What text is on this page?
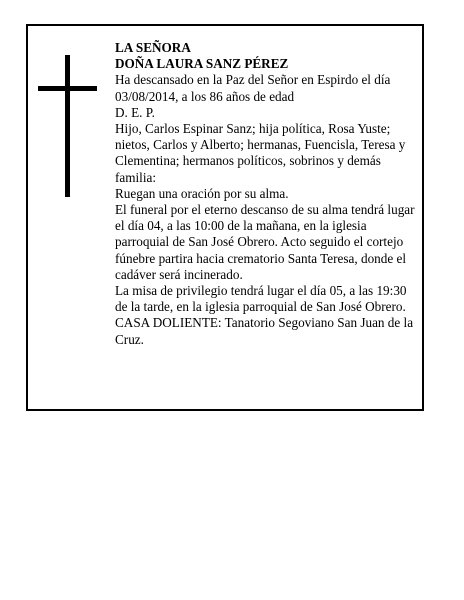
LA SEÑORA

DOÑA LAURA SANZ PÉREZ

Ha descansado en la Paz del Señor en Espirdo el día 03/08/2014, a los 86 años de edad

D. E. P.

Hijo, Carlos Espinar Sanz; hija política, Rosa Yuste; nietos, Carlos y Alberto; hermanas, Fuencisla, Teresa y Clementina; hermanos políticos, sobrinos y demás familia:

Ruegan una oración por su alma.

El funeral por el eterno descanso de su alma tendrá lugar el día 04, a las 10:00 de la mañana, en la iglesia parroquial de San José Obrero. Acto seguido el cortejo fúnebre partira hacia crematorio Santa Teresa, donde el cadáver será incinerado.

La misa de privilegio tendrá lugar el día 05, a las 19:30 de la tarde, en la iglesia parroquial de San José Obrero.

CASA DOLIENTE: Tanatorio Segoviano San Juan de la Cruz.
